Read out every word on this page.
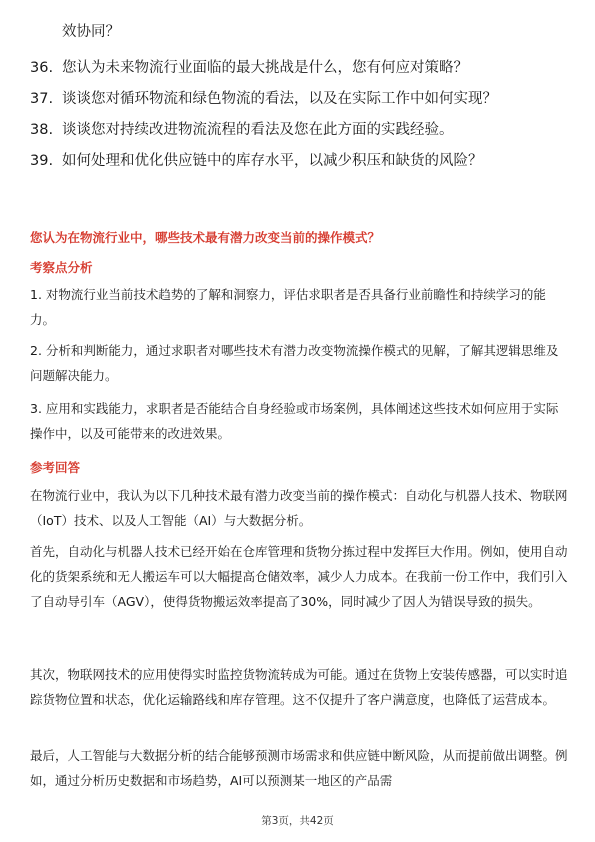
效协同？
36. 您认为未来物流行业面临的最大挑战是什么，您有何应对策略？
37. 谈谈您对循环物流和绿色物流的看法，以及在实际工作中如何实现？
38. 谈谈您对持续改进物流流程的看法及您在此方面的实践经验。
39. 如何处理和优化供应链中的库存水平，以减少积压和缺货的风险？
您认为在物流行业中，哪些技术最有潜力改变当前的操作模式？
考察点分析
1. 对物流行业当前技术趋势的了解和洞察力，评估求职者是否具备行业前瞻性和持续学习的能力。
2. 分析和判断能力，通过求职者对哪些技术有潜力改变物流操作模式的见解，了解其逻辑思维及问题解决能力。
3. 应用和实践能力，求职者是否能结合自身经验或市场案例，具体阐述这些技术如何应用于实际操作中，以及可能带来的改进效果。
参考回答
在物流行业中，我认为以下几种技术最有潜力改变当前的操作模式：自动化与机器人技术、物联网（IoT）技术、以及人工智能（AI）与大数据分析。
首先，自动化与机器人技术已经开始在仓库管理和货物分拣过程中发挥巨大作用。例如，使用自动化的货架系统和无人搬运车可以大幅提高仓储效率，减少人力成本。在我前一份工作中，我们引入了自动导引车（AGV），使得货物搬运效率提高了30%，同时减少了因人为错误导致的损失。
其次，物联网技术的应用使得实时监控货物流转成为可能。通过在货物上安装传感器，可以实时追踪货物位置和状态，优化运输路线和库存管理。这不仅提升了客户满意度，也降低了运营成本。
最后，人工智能与大数据分析的结合能够预测市场需求和供应链中断风险，从而提前做出调整。例如，通过分析历史数据和市场趋势，AI可以预测某一地区的产品需
第3页，共42页
